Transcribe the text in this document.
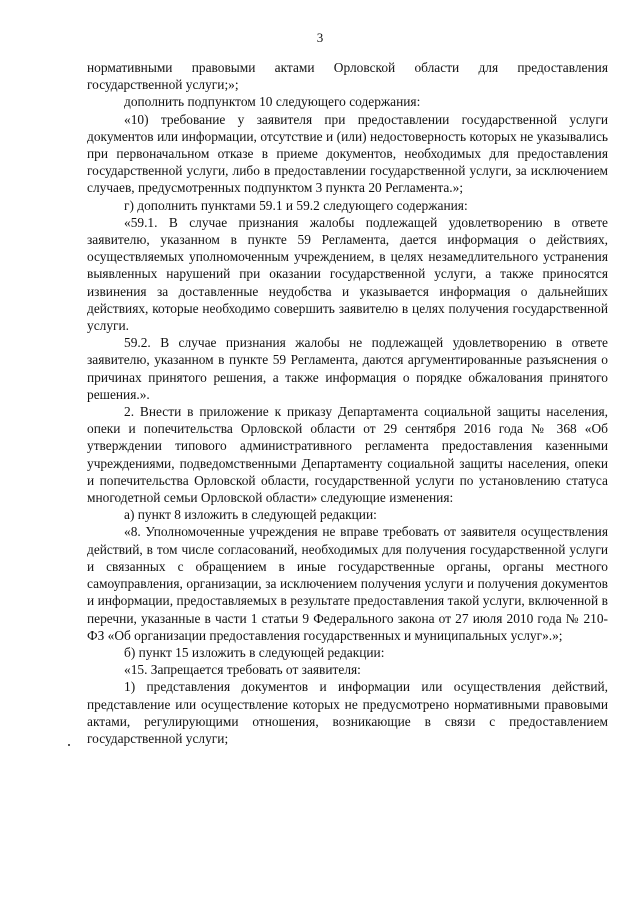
3

нормативными правовыми актами Орловской области для предоставления государственной услуги;»;

дополнить подпунктом 10 следующего содержания:

«10) требование у заявителя при предоставлении государственной услуги документов или информации, отсутствие и (или) недостоверность которых не указывались при первоначальном отказе в приеме документов, необходимых для предоставления государственной услуги, либо в предоставлении государственной услуги, за исключением случаев, предусмотренных подпунктом 3 пункта 20 Регламента.»;

г) дополнить пунктами 59.1 и 59.2 следующего содержания:

«59.1. В случае признания жалобы подлежащей удовлетворению в ответе заявителю, указанном в пункте 59 Регламента, дается информация о действиях, осуществляемых уполномоченным учреждением, в целях незамедлительного устранения выявленных нарушений при оказании государственной услуги, а также приносятся извинения за доставленные неудобства и указывается информация о дальнейших действиях, которые необходимо совершить заявителю в целях получения государственной услуги.

59.2. В случае признания жалобы не подлежащей удовлетворению в ответе заявителю, указанном в пункте 59 Регламента, даются аргументированные разъяснения о причинах принятого решения, а также информация о порядке обжалования принятого решения.».

2. Внести в приложение к приказу Департамента социальной защиты населения, опеки и попечительства Орловской области от 29 сентября 2016 года № 368 «Об утверждении типового административного регламента предоставления казенными учреждениями, подведомственными Департаменту социальной защиты населения, опеки и попечительства Орловской области, государственной услуги по установлению статуса многодетной семьи Орловской области» следующие изменения:

а) пункт 8 изложить в следующей редакции:

«8. Уполномоченные учреждения не вправе требовать от заявителя осуществления действий, в том числе согласований, необходимых для получения государственной услуги и связанных с обращением в иные государственные органы, органы местного самоуправления, организации, за исключением получения услуги и получения документов и информации, предоставляемых в результате предоставления такой услуги, включенной в перечни, указанные в части 1 статьи 9 Федерального закона от 27 июля 2010 года № 210-ФЗ «Об организации предоставления государственных и муниципальных услуг».»;

б) пункт 15 изложить в следующей редакции:

«15. Запрещается требовать от заявителя:

1) представления документов и информации или осуществления действий, представление или осуществление которых не предусмотрено нормативными правовыми актами, регулирующими отношения, возникающие в связи с предоставлением государственной услуги;
